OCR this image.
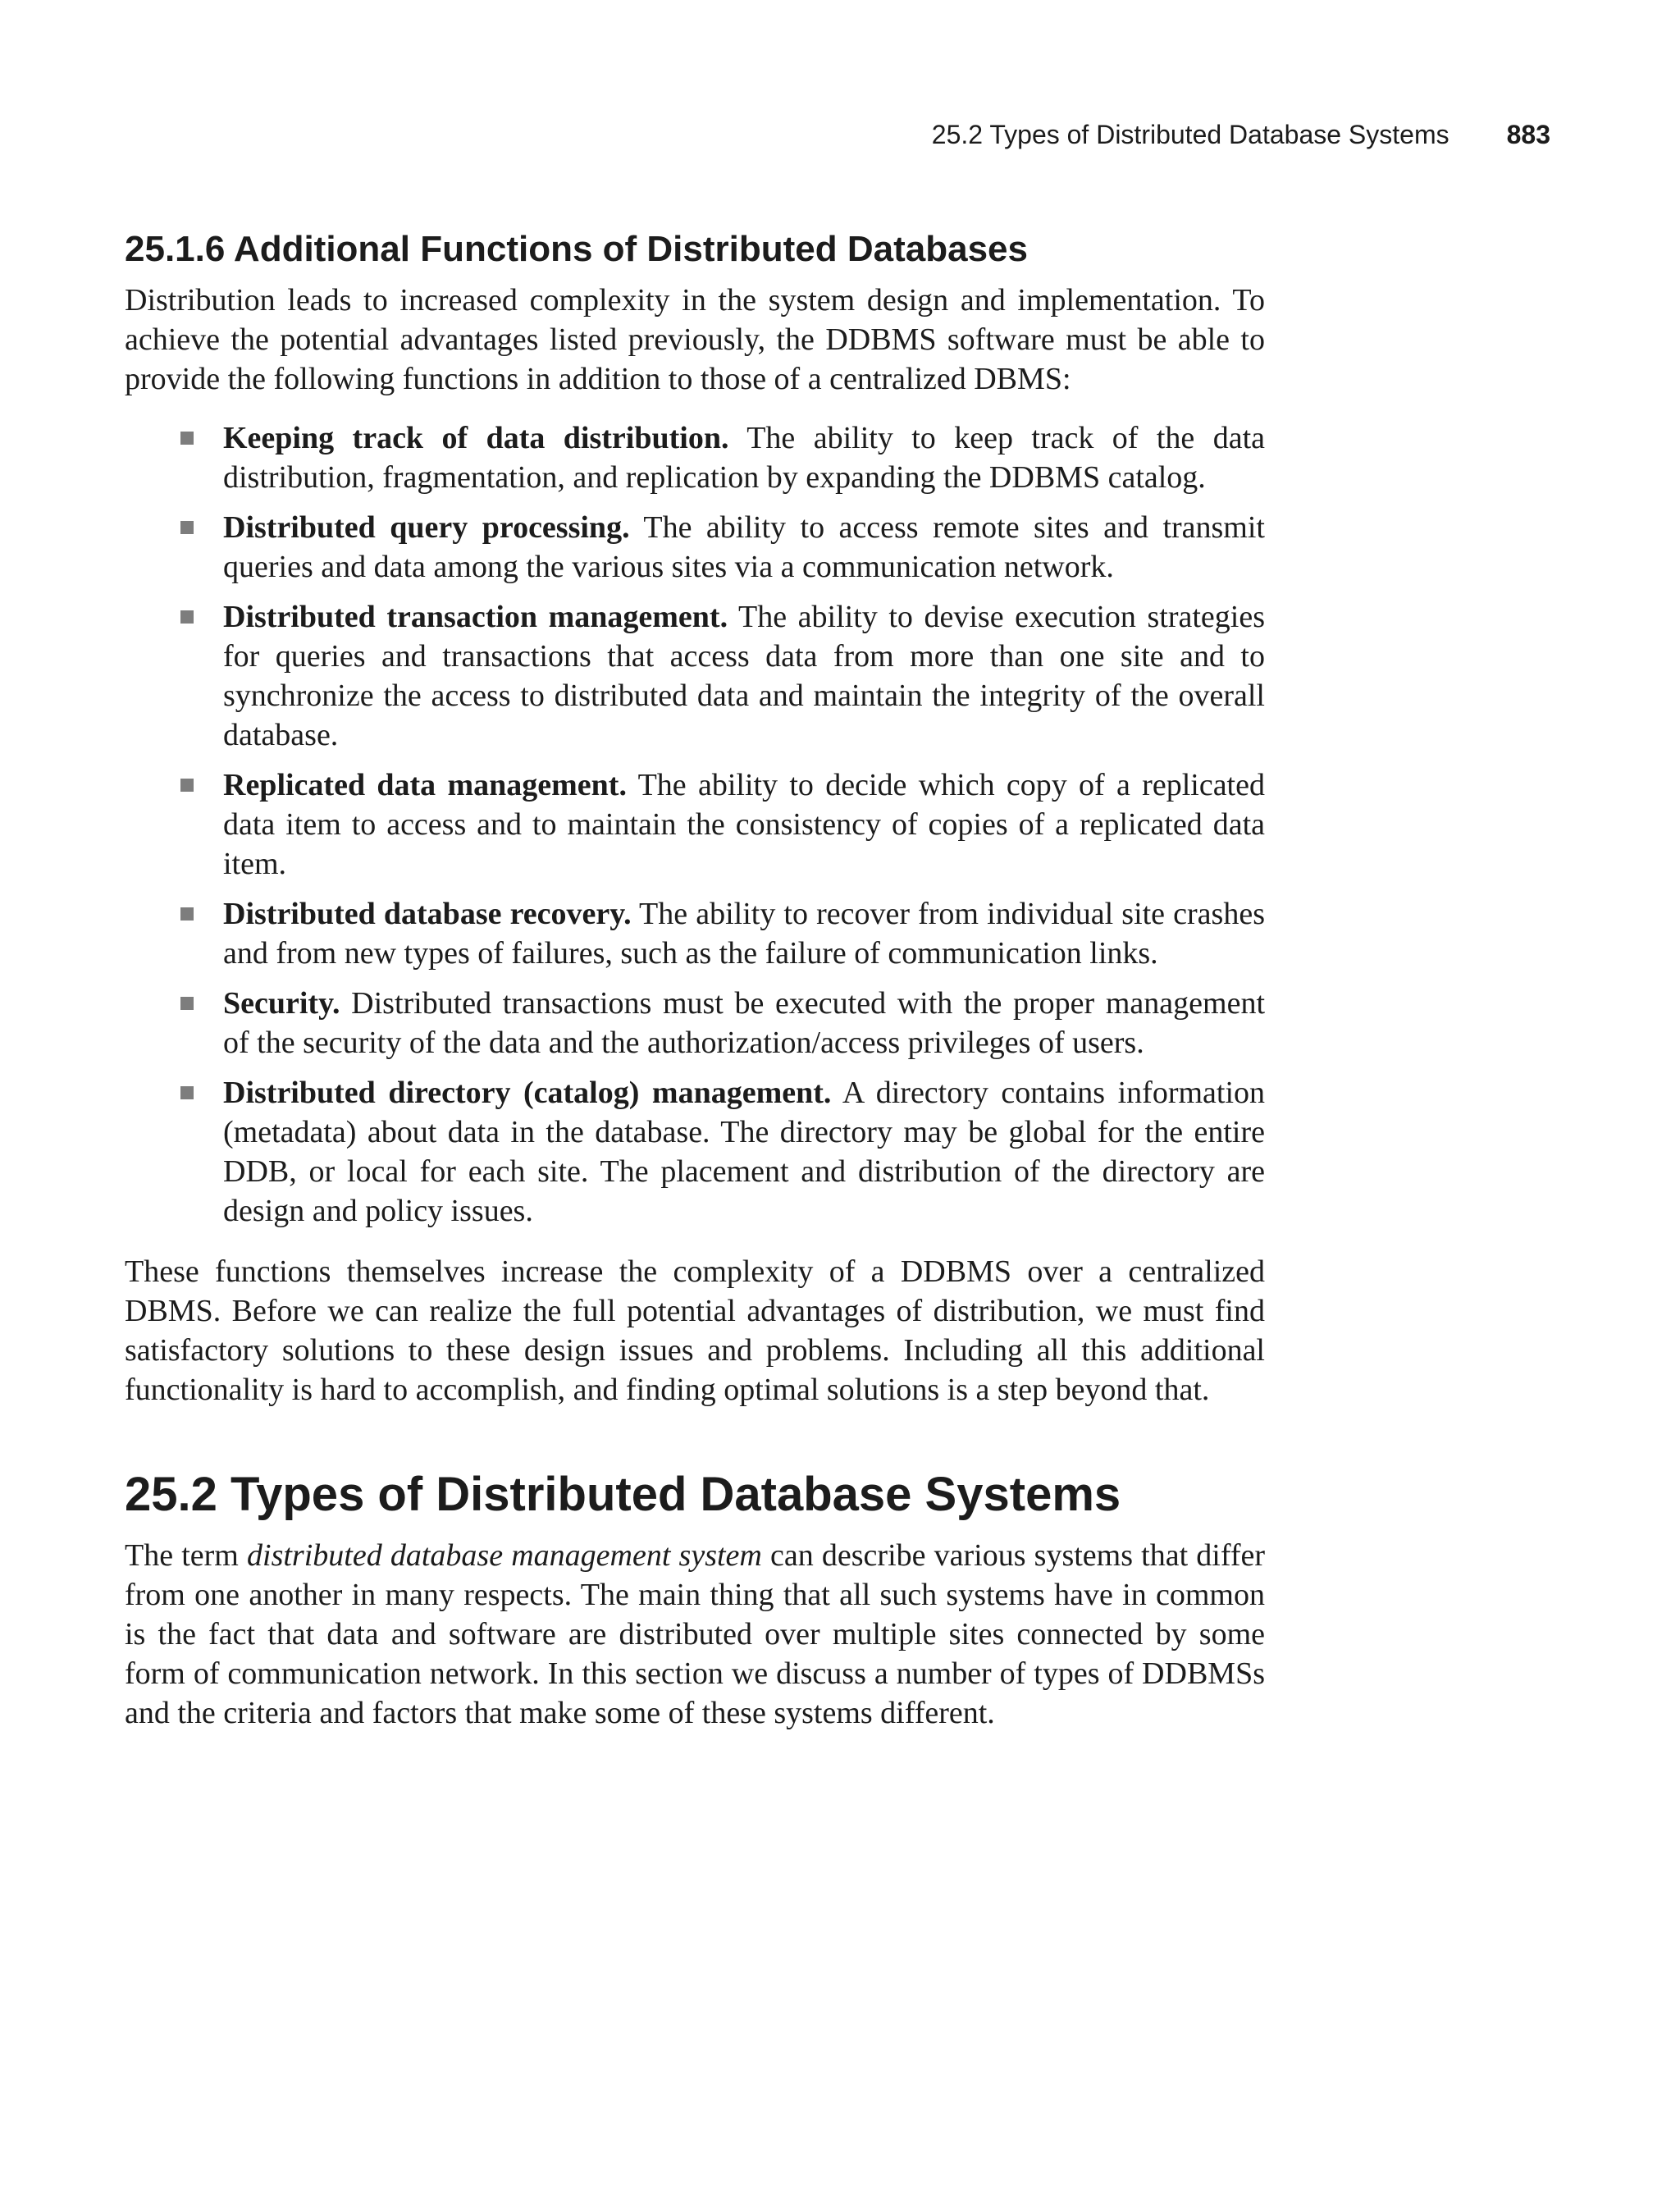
25.2 Types of Distributed Database Systems 883
25.1.6 Additional Functions of Distributed Databases

Distribution leads to increased complexity in the system design and implementation. To achieve the potential advantages listed previously, the DDBMS software must be able to provide the following functions in addition to those of a centralized DBMS:

Keeping track of data distribution. The ability to keep track of the data distribution, fragmentation, and replication by expanding the DDBMS catalog.
Distributed query processing. The ability to access remote sites and transmit queries and data among the various sites via a communication network.
Distributed transaction management. The ability to devise execution strategies for queries and transactions that access data from more than one site and to synchronize the access to distributed data and maintain the integrity of the overall database.
Replicated data management. The ability to decide which copy of a replicated data item to access and to maintain the consistency of copies of a replicated data item.
Distributed database recovery. The ability to recover from individual site crashes and from new types of failures, such as the failure of communication links.
Security. Distributed transactions must be executed with the proper management of the security of the data and the authorization/access privileges of users.
Distributed directory (catalog) management. A directory contains information (metadata) about data in the database. The directory may be global for the entire DDB, or local for each site. The placement and distribution of the directory are design and policy issues.

These functions themselves increase the complexity of a DDBMS over a centralized DBMS. Before we can realize the full potential advantages of distribution, we must find satisfactory solutions to these design issues and problems. Including all this additional functionality is hard to accomplish, and finding optimal solutions is a step beyond that.

25.2 Types of Distributed Database Systems

The term distributed database management system can describe various systems that differ from one another in many respects. The main thing that all such systems have in common is the fact that data and software are distributed over multiple sites connected by some form of communication network. In this section we discuss a number of types of DDBMSs and the criteria and factors that make some of these systems different.
